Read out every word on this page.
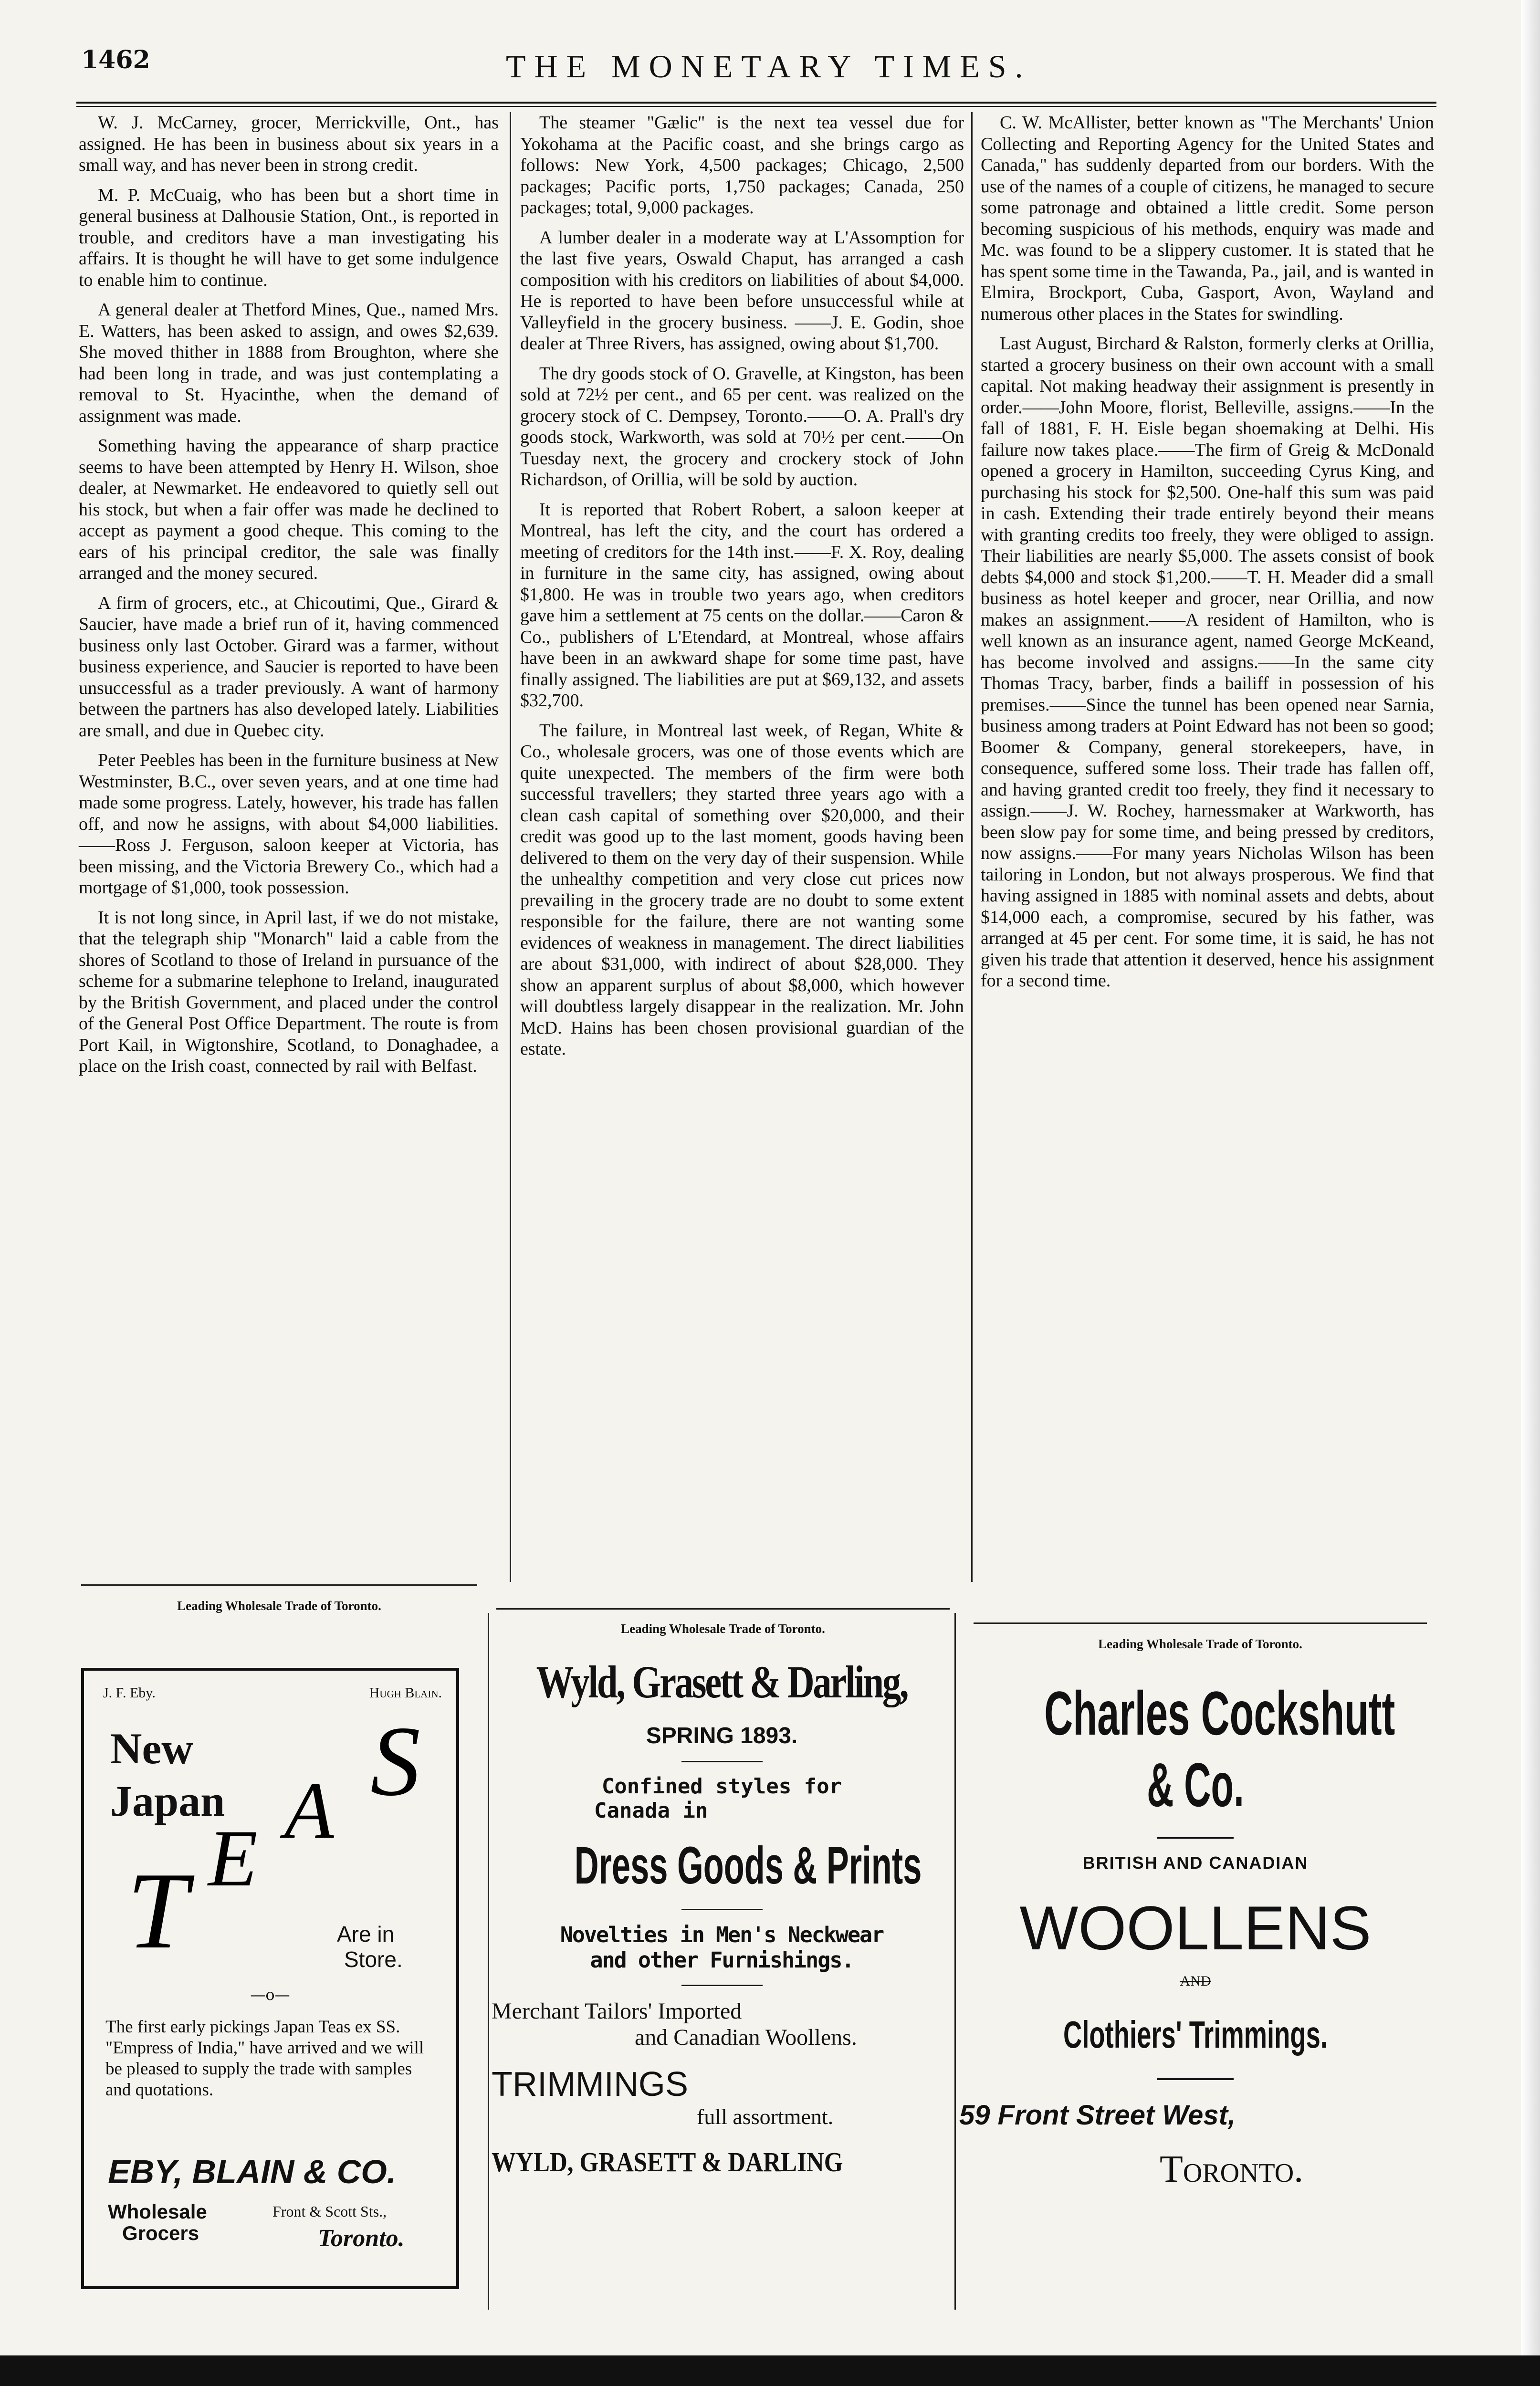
1462	THE MONETARY TIMES.

W. J. McCarney, grocer, Merrickville, Ont., has assigned. He has been in business about six years in a small way, and has never been in strong credit.

M. P. McCuaig, who has been but a short time in general business at Dalhousie Station, Ont., is reported in trouble, and creditors have a man investigating his affairs. It is thought he will have to get some indulgence to enable him to continue.

A general dealer at Thetford Mines, Que., named Mrs. E. Watters, has been asked to assign, and owes $2,639. She moved thither in 1888 from Broughton, where she had been long in trade, and was just contemplating a removal to St. Hyacinthe, when the demand of assignment was made.

Something having the appearance of sharp practice seems to have been attempted by Henry H. Wilson, shoe dealer, at Newmarket. He endeavored to quietly sell out his stock, but when a fair offer was made he declined to accept as payment a good cheque. This coming to the ears of his principal creditor, the sale was finally arranged and the money secured.

A firm of grocers, etc., at Chicoutimi, Que., Girard & Saucier, have made a brief run of it, having commenced business only last October. Girard was a farmer, without business experience, and Saucier is reported to have been unsuccessful as a trader previously. A want of harmony between the partners has also developed lately. Liabilities are small, and due in Quebec city.

Peter Peebles has been in the furniture business at New Westminster, B.C., over seven years, and at one time had made some progress. Lately, however, his trade has fallen off, and now he assigns, with about $4,000 liabilities.——Ross J. Ferguson, saloon keeper at Victoria, has been missing, and the Victoria Brewery Co., which had a mortgage of $1,000, took possession.

It is not long since, in April last, if we do not mistake, that the telegraph ship "Monarch" laid a cable from the shores of Scotland to those of Ireland in pursuance of the scheme for a submarine telephone to Ireland, inaugurated by the British Government, and placed under the control of the General Post Office Department. The route is from Port Kail, in Wigtonshire, Scotland, to Donaghadee, a place on the Irish coast, connected by rail with Belfast.

The steamer "Gælic" is the next tea vessel due for Yokohama at the Pacific coast, and she brings cargo as follows: New York, 4,500 packages; Chicago, 2,500 packages; Pacific ports, 1,750 packages; Canada, 250 packages; total, 9,000 packages.

A lumber dealer in a moderate way at L'Assomption for the last five years, Oswald Chaput, has arranged a cash composition with his creditors on liabilities of about $4,000. He is reported to have been before unsuccessful while at Valleyfield in the grocery business. ——J. E. Godin, shoe dealer at Three Rivers, has assigned, owing about $1,700.

The dry goods stock of O. Gravelle, at Kingston, has been sold at 72½ per cent., and 65 per cent. was realized on the grocery stock of C. Dempsey, Toronto.——O. A. Prall's dry goods stock, Warkworth, was sold at 70½ per cent.——On Tuesday next, the grocery and crockery stock of John Richardson, of Orillia, will be sold by auction.

It is reported that Robert Robert, a saloon keeper at Montreal, has left the city, and the court has ordered a meeting of creditors for the 14th inst.——F. X. Roy, dealing in furniture in the same city, has assigned, owing about $1,800. He was in trouble two years ago, when creditors gave him a settlement at 75 cents on the dollar.——Caron & Co., publishers of L'Etendard, at Montreal, whose affairs have been in an awkward shape for some time past, have finally assigned. The liabilities are put at $69,132, and assets $32,700.

The failure, in Montreal last week, of Regan, White & Co., wholesale grocers, was one of those events which are quite unexpected. The members of the firm were both successful travellers; they started three years ago with a clean cash capital of something over $20,000, and their credit was good up to the last moment, goods having been delivered to them on the very day of their suspension. While the unhealthy competition and very close cut prices now prevailing in the grocery trade are no doubt to some extent responsible for the failure, there are not wanting some evidences of weakness in management. The direct liabilities are about $31,000, with indirect of about $28,000. They show an apparent surplus of about $8,000, which however will doubtless largely disappear in the realization. Mr. John McD. Hains has been chosen provisional guardian of the estate.

C. W. McAllister, better known as "The Merchants' Union Collecting and Reporting Agency for the United States and Canada," has suddenly departed from our borders. With the use of the names of a couple of citizens, he managed to secure some patronage and obtained a little credit. Some person becoming suspicious of his methods, enquiry was made and Mc. was found to be a slippery customer. It is stated that he has spent some time in the Tawanda, Pa., jail, and is wanted in Elmira, Brockport, Cuba, Gasport, Avon, Wayland and numerous other places in the States for swindling.

Last August, Birchard & Ralston, formerly clerks at Orillia, started a grocery business on their own account with a small capital. Not making headway their assignment is presently in order.——John Moore, florist, Belleville, assigns.——In the fall of 1881, F. H. Eisle began shoemaking at Delhi. His failure now takes place.——The firm of Greig & McDonald opened a grocery in Hamilton, succeeding Cyrus King, and purchasing his stock for $2,500. One-half this sum was paid in cash. Extending their trade entirely beyond their means with granting credits too freely, they were obliged to assign. Their liabilities are nearly $5,000. The assets consist of book debts $4,000 and stock $1,200.——T. H. Meader did a small business as hotel keeper and grocer, near Orillia, and now makes an assignment.——A resident of Hamilton, who is well known as an insurance agent, named George McKeand, has become involved and assigns.——In the same city Thomas Tracy, barber, finds a bailiff in possession of his premises.——Since the tunnel has been opened near Sarnia, business among traders at Point Edward has not been so good; Boomer & Company, general storekeepers, have, in consequence, suffered some loss. Their trade has fallen off, and having granted credit too freely, they find it necessary to assign.——J. W. Rochey, harnessmaker at Warkworth, has been slow pay for some time, and being pressed by creditors, now assigns.——For many years Nicholas Wilson has been tailoring in London, but not always prosperous. We find that having assigned in 1885 with nominal assets and debts, about $14,000 each, a compromise, secured by his father, was arranged at 45 per cent. For some time, it is said, he has not given his trade that attention it deserved, hence his assignment for a second time.

Leading Wholesale Trade of Toronto.
Leading Wholesale Trade of Toronto.
Leading Wholesale Trade of Toronto.
J. F. Eby.	Hugh Blain.
New
Japan
T E
A S
Are in
Store.
—o—
The first early pickings Japan Teas ex SS. "Empress of India," have arrived and we will be pleased to supply the trade with samples and quotations.
EBY, BLAIN & CO.
Wholesale
Grocers
Front & Scott Sts.,
Toronto.
Wyld, Grasett & Darling,
SPRING 1893.
Confined styles for
Canada in
Dress Goods & Prints
Novelties in Men's Neckwear
and other Furnishings.
Merchant Tailors' Imported
and Canadian Woollens.
TRIMMINGS
full assortment.
WYLD, GRASETT & DARLING
Charles Cockshutt
& Co.
BRITISH AND CANADIAN
WOOLLENS
AND
Clothiers' Trimmings.
59 Front Street West,
Toronto.
